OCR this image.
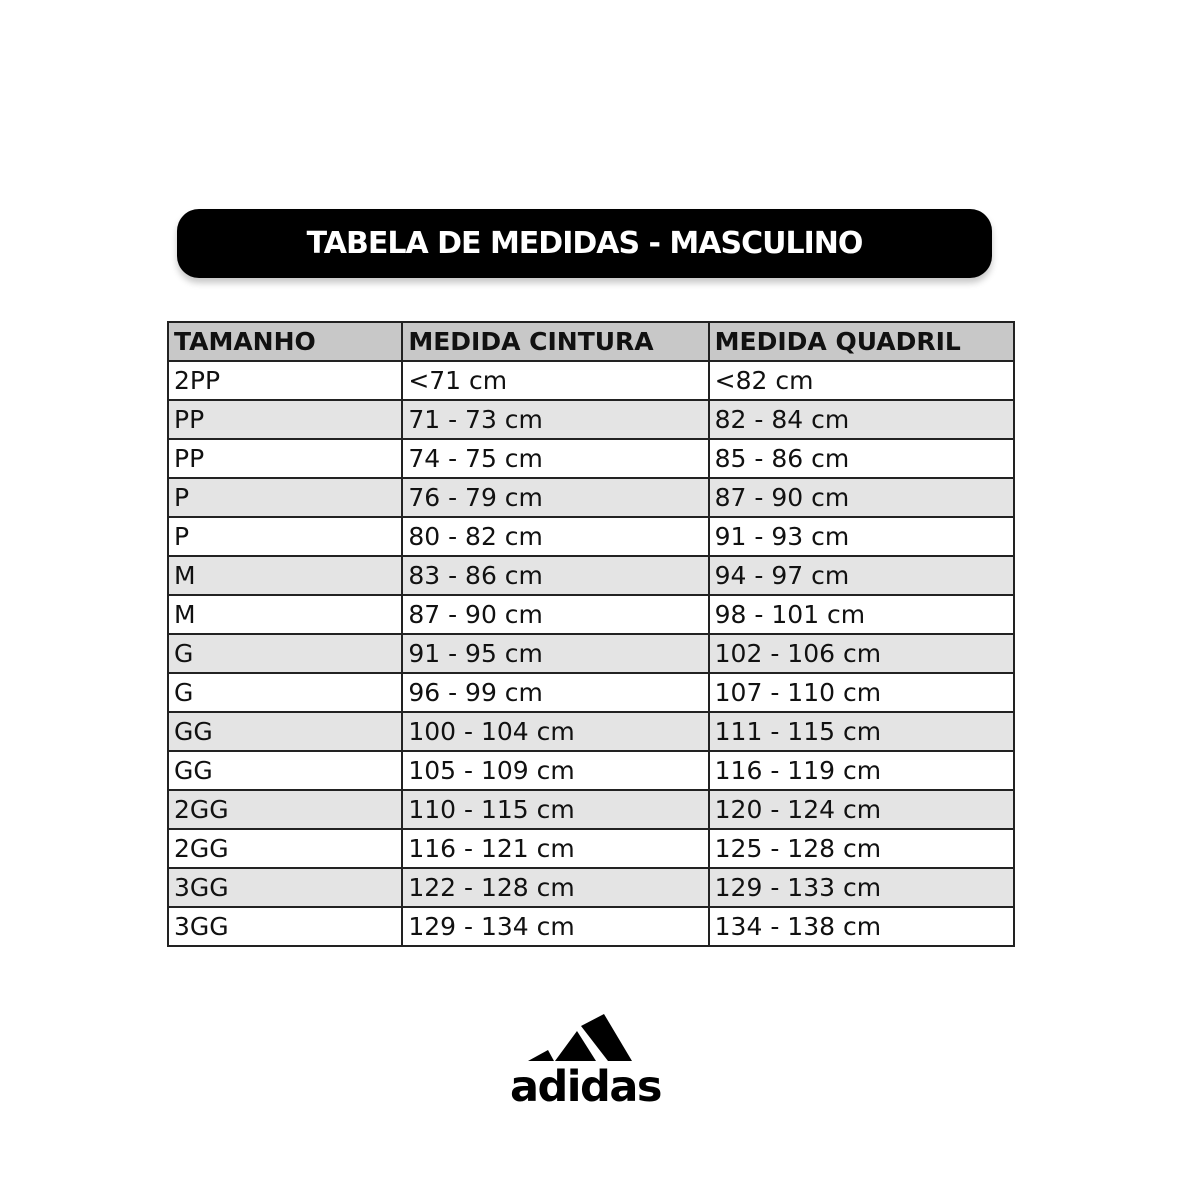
TABELA DE MEDIDAS - MASCULINO
TAMANHO	MEDIDA CINTURA	MEDIDA QUADRIL
2PP	<71 cm	<82 cm
PP	71 - 73 cm	82 - 84 cm
PP	74 - 75 cm	85 - 86 cm
P	76 - 79 cm	87 - 90 cm
P	80 - 82 cm	91 - 93 cm
M	83 - 86 cm	94 - 97 cm
M	87 - 90 cm	98 - 101 cm
G	91 - 95 cm	102 - 106 cm
G	96 - 99 cm	107 - 110 cm
GG	100 - 104 cm	111 - 115 cm
GG	105 - 109 cm	116 - 119 cm
2GG	110 - 115 cm	120 - 124 cm
2GG	116 - 121 cm	125 - 128 cm
3GG	122 - 128 cm	129 - 133 cm
3GG	129 - 134 cm	134 - 138 cm
adidas
